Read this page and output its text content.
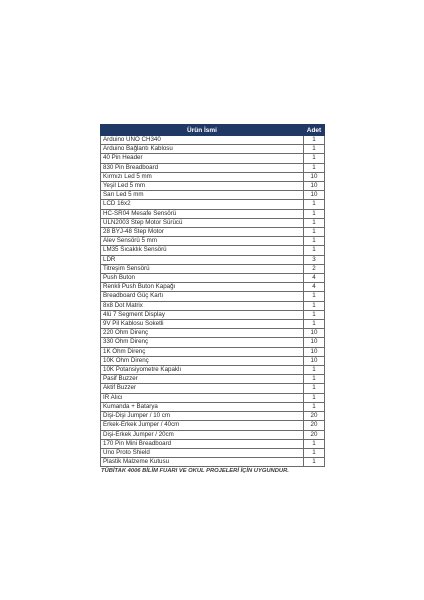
Ürün İsmi	Adet
Arduino UNO CH340	1
Arduino Bağlantı Kablosu	1
40 Pin Header	1
830 Pin Breadboard	1
Kırmızı Led 5 mm	10
Yeşil Led 5 mm	10
Sarı Led 5 mm	10
LCD 16x2	1
HC-SR04 Mesafe Sensörü	1
ULN2003 Step Motor Sürücü	1
28 BYJ-48 Step Motor	1
Alev Sensörü 5 mm	1
LM35 Sıcaklık Sensörü	1
LDR	3
Titreşim Sensörü	2
Push Buton	4
Renkli Push Buton Kapağı	4
Breadboard Güç Kartı	1
8x8 Dot Matrix	1
4lü 7 Segment Display	1
9V Pil Kablosu Soketli	1
220 Ohm Direnç	10
330 Ohm Direnç	10
1K Ohm Direnç	10
10K Ohm Direnç	10
10K Potansiyometre Kapaklı	1
Pasif Buzzer	1
Aktif Buzzer	1
IR Alıcı	1
Kumanda + Batarya	1
Dişi-Dişi Jumper / 10 cm	20
Erkek-Erkek Jumper / 40cm	20
Dişi-Erkek Jumper / 20cm	20
170 Pin Mini Breadboard	1
Uno Proto Shield	1
Plastik Malzeme Kutusu	1
TÜBİTAK 4006 BİLİM FUARI VE OKUL PROJELERİ İÇİN UYGUNDUR.
